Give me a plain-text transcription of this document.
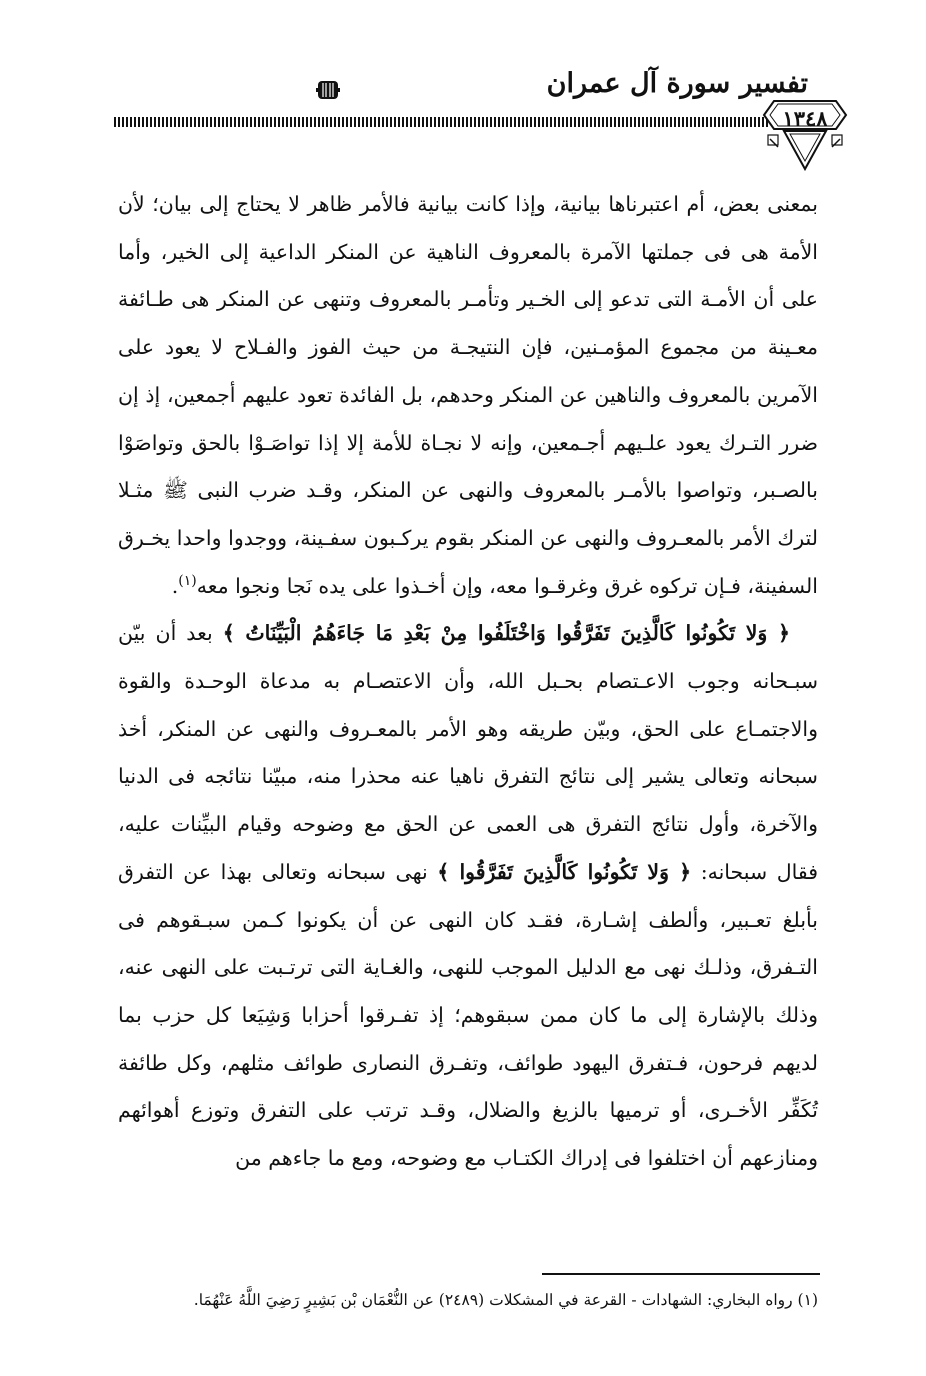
تفسير سورة آل عمران
١٣٤٨

بمعنى بعض، أم اعتبرناها بيانية، وإذا كانت بيانية فالأمر ظاهر لا يحتاج إلى بيان؛ لأن الأمة هى فى جملتها الآمرة بالمعروف الناهية عن المنكر الداعية إلى الخير، وأما على أن الأمـة التى تدعو إلى الخـير وتأمـر بالمعروف وتنهى عن المنكر هى طـائفة معـينة من مجموع المؤمـنين، فإن النتيجـة من حيث الفوز والفـلاح لا يعود على الآمرين بالمعروف والناهين عن المنكر وحدهم، بل الفائدة تعود عليهم أجمعين، إذ إن ضرر التـرك يعود علـيهم أجـمعين، وإنه لا نجـاة للأمة إلا إذا تواصَـوْا بالحق وتواصَوْا بالصـبر، وتواصوا بالأمـر بالمعروف والنهى عن المنكر، وقـد ضرب النبى ﷺ مثـلا لترك الأمر بالمعـروف والنهى عن المنكر بقوم يركـبون سفـينة، ووجدوا واحدا يخـرق السفينة، فـإن تركوه غرق وغرقـوا معه، وإن أخـذوا على يده نَجا ونجوا معه$^{(١)}$.

﴿ وَلا تَكُونُوا كَالَّذِينَ تَفَرَّقُوا وَاخْتَلَفُوا مِنْ بَعْدِ مَا جَاءَهُمُ الْبَيِّنَاتُ ﴾ بعد أن بيّن سبـحانه وجوب الاعـتصام بحـبل الله، وأن الاعتصـام به مدعاة الوحـدة والقوة والاجتمـاع على الحق، وبيّن طريقه وهو الأمر بالمعـروف والنهى عن المنكر، أخذ سبحانه وتعالى يشير إلى نتائج التفرق ناهيا عنه محذرا منه، مبيّنا نتائجه فى الدنيا والآخرة، وأول نتائج التفرق هى العمى عن الحق مع وضوحه وقيام البيِّنات عليه، فقال سبحانه: ﴿ وَلا تَكُونُوا كَالَّذِينَ تَفَرَّقُوا ﴾ نهى سبحانه وتعالى بهذا عن التفرق بأبلغ تعـبير، وألطف إشـارة، فقـد كان النهى عن أن يكونوا كـمن سبـقوهم فى التـفرق، وذلـك نهى مع الدليل الموجب للنهى، والغـاية التى ترتـبت على النهى عنه، وذلك بالإشارة إلى ما كان ممن سبقوهم؛ إذ تفـرقوا أحزابا وَشِيَعا كل حزب بما لديهم فرحون، فـتفرق اليهود طوائف، وتفـرق النصارى طوائف مثلهم، وكل طائفة تُكَفِّر الأخـرى، أو ترميها بالزيغ والضلال، وقـد ترتب على التفرق وتوزع أهوائهم ومنازعهم أن اختلفوا فى إدراك الكتـاب مع وضوحه، ومع ما جاءهم من

(١) رواه البخاري: الشهادات - القرعة في المشكلات (٢٤٨٩) عن النُّعْمَان بْن بَشِيرٍ رَضِيَ اللَّهُ عَنْهُمَا.
